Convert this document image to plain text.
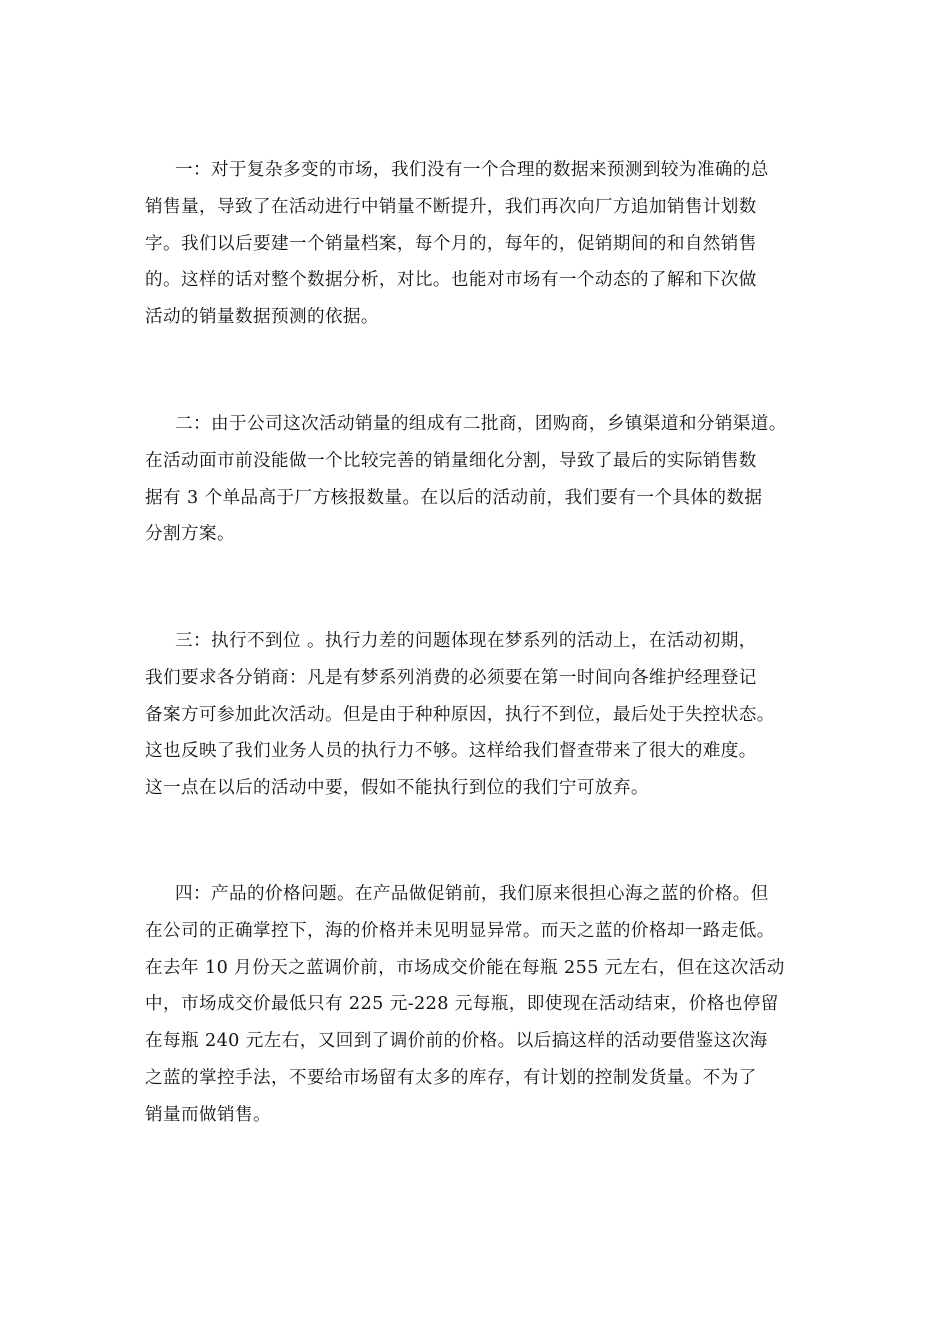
一：对于复杂多变的市场，我们没有一个合理的数据来预测到较为准确的总
销售量，导致了在活动进行中销量不断提升，我们再次向厂方追加销售计划数
字。我们以后要建一个销量档案，每个月的，每年的，促销期间的和自然销售
的。这样的话对整个数据分析，对比。也能对市场有一个动态的了解和下次做
活动的销量数据预测的依据。
二：由于公司这次活动销量的组成有二批商，团购商，乡镇渠道和分销渠道。
在活动面市前没能做一个比较完善的销量细化分割，导致了最后的实际销售数
据有 3 个单品高于厂方核报数量。在以后的活动前，我们要有一个具体的数据
分割方案。
三：执行不到位 。执行力差的问题体现在梦系列的活动上，在活动初期，
我们要求各分销商：凡是有梦系列消费的必须要在第一时间向各维护经理登记
备案方可参加此次活动。但是由于种种原因，执行不到位，最后处于失控状态。
这也反映了我们业务人员的执行力不够。这样给我们督查带来了很大的难度。
这一点在以后的活动中要，假如不能执行到位的我们宁可放弃。
四：产品的价格问题。在产品做促销前，我们原来很担心海之蓝的价格。但
在公司的正确掌控下，海的价格并未见明显异常。而天之蓝的价格却一路走低。
在去年 10 月份天之蓝调价前，市场成交价能在每瓶 255 元左右，但在这次活动
中，市场成交价最低只有 225 元-228 元每瓶，即使现在活动结束，价格也停留
在每瓶 240 元左右，又回到了调价前的价格。以后搞这样的活动要借鉴这次海
之蓝的掌控手法，不要给市场留有太多的库存，有计划的控制发货量。不为了
销量而做销售。
